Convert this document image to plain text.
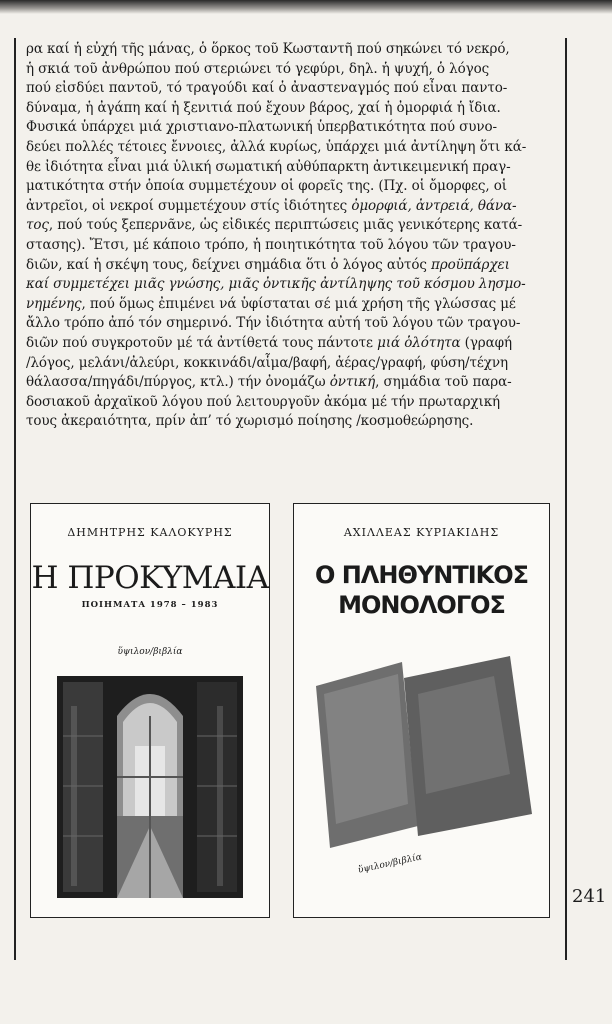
ρα καί ἡ εὐχή τῆς μάνας, ὁ ὅρκος τοῦ Κωσταντῆ πού σηκώνει τό νεκρό,
ἡ σκιά τοῦ ἀνθρώπου πού στεριώνει τό γεφύρι, δηλ. ἡ ψυχή, ὁ λόγος
πού εἰσδύει παντοῦ, τό τραγούδι καί ὁ ἀναστεναγμός πού εἶναι παντο-
δύναμα, ἡ ἀγάπη καί ἡ ξενιτιά πού ἔχουν βάρος, χαί ἡ ὀμορφιά ἡ ἴδια.
Φυσικά ὑπάρχει μιά χριστιανο-πλατωνική ὑπερβατικότητα πού συνο-
δεύει πολλές τέτοιες ἔννοιες, ἀλλά κυρίως, ὑπάρχει μιά ἀντίληψη ὅτι κά-
θε ἰδιότητα εἶναι μιά ὑλική σωματική αὐθύπαρκτη ἀντικειμενική πραγ-
ματικότητα στήν ὁποία συμμετέχουν οἱ φορεῖς της. (Πχ. οἱ ὄμορφες, οἱ
ἀντρεῖοι, οἱ νεκροί συμμετέχουν στίς ἰδιότητες ὀμορφιά, ἀντρειά, θάνα-
τος, πού τούς ξεπερνᾶνε, ὡς εἰδικές περιπτώσεις μιᾶς γενικότερης κατά-
στασης). Ἔτσι, μέ κάποιο τρόπο, ἡ ποιητικότητα τοῦ λόγου τῶν τραγου-
διῶν, καί ἡ σκέψη τους, δείχνει σημάδια ὅτι ὁ λόγος αὐτός προϋπάρχει
καί συμμετέχει μιᾶς γνώσης, μιᾶς ὀντικῆς ἀντίληψης τοῦ κόσμου λησμο-
νημένης, πού ὅμως ἐπιμένει νά ὑφίσταται σέ μιά χρήση τῆς γλώσσας μέ
ἄλλο τρόπο ἀπό τόν σημερινό. Τήν ἰδιότητα αὐτή τοῦ λόγου τῶν τραγου-
διῶν πού συγκροτοῦν μέ τά ἀντίθετά τους πάντοτε μιά ὁλότητα (γραφή
/λόγος, μελάνι/ἀλεύρι, κοκκινάδι/αἷμα/βαφή, ἀέρας/γραφή, φύση/τέχνη
θάλασσα/πηγάδι/πύργος, κτλ.) τήν ὀνομάζω ὀντική, σημάδια τοῦ παρα-
δοσιακοῦ ἀρχαϊκοῦ λόγου πού λειτουργοῦν ἀκόμα μέ τήν πρωταρχική
τους ἀκεραιότητα, πρίν ἀπ’ τό χωρισμό ποίησης /κοσμοθεώρησης.
ΔΗΜΗΤΡΗΣ ΚΑΛΟΚΥΡΗΣ
Η ΠΡΟΚΥΜΑΙΑ
ΠΟΙΗΜΑΤΑ 1978 – 1983
ὕψιλον/βιβλία
ΑΧΙΛΛΕΑΣ ΚΥΡΙΑΚΙΔΗΣ
Ο ΠΛΗΘΥΝΤΙΚΟΣ
ΜΟΝΟΛΟΓΟΣ
ὕψιλον/βιβλία
241
